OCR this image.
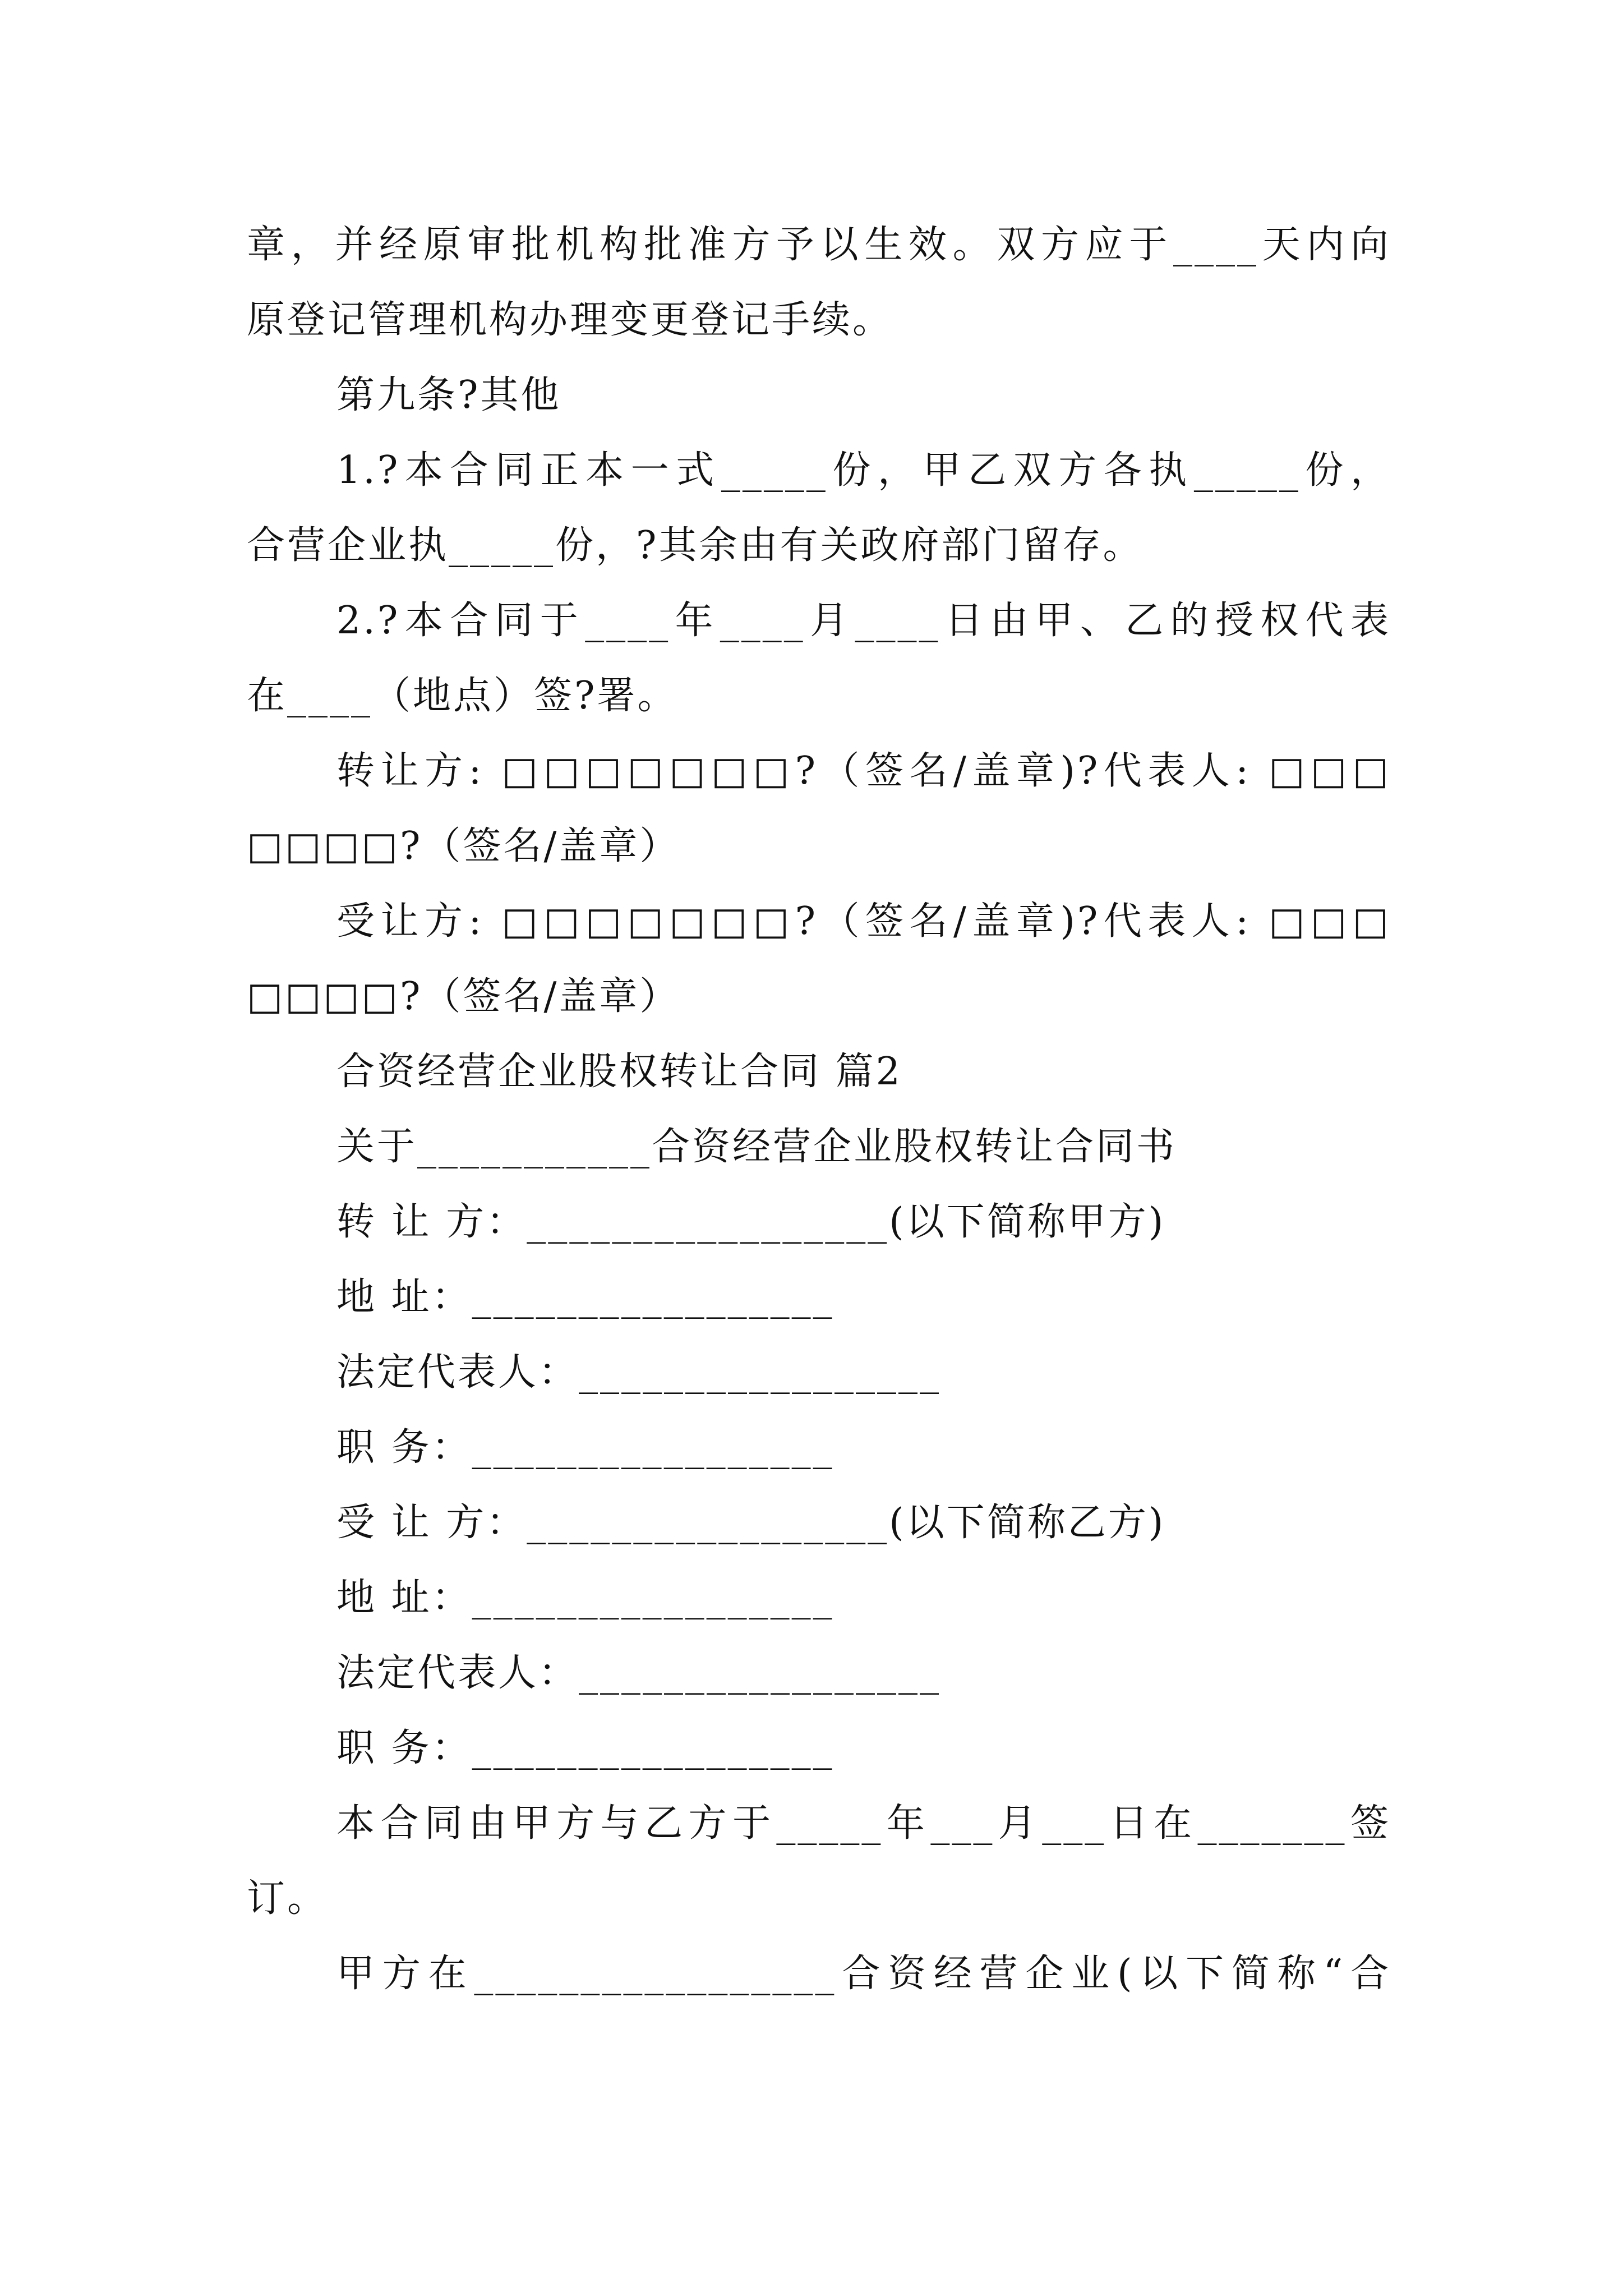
章，并经原审批机构批准方予以生效。双方应于____天内向
原登记管理机构办理变更登记手续。
第九条?其他
1.?本合同正本一式_____份，甲乙双方各执_____份，
合营企业执_____份，?其余由有关政府部门留存。
2.?本合同于____年____月____日由甲、乙的授权代表
在____（地点）签?署。
转让方: □□□□□□□?（签名/盖章)?代表人: □□□
□□□□?（签名/盖章）
受让方: □□□□□□□?（签名/盖章)?代表人: □□□
□□□□?（签名/盖章）
合资经营企业股权转让合同 篇2
关于___________合资经营企业股权转让合同书
转 让 方：_________________(以下简称甲方)
地 址：_________________
法定代表人：_________________
职 务：_________________
受 让 方：_________________(以下简称乙方)
地 址：_________________
法定代表人：_________________
职 务：_________________
本合同由甲方与乙方于_____年___月___日在_______签
订。
甲方在_________________合资经营企业(以下简称“合
